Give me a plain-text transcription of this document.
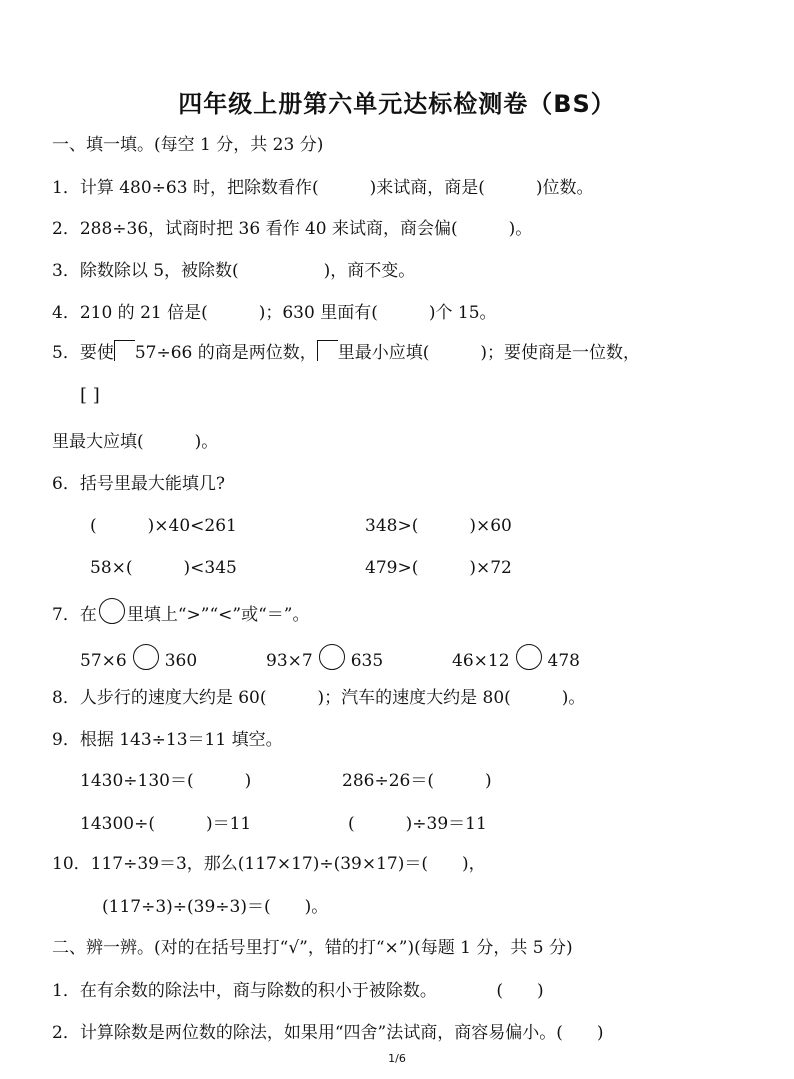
四年级上册第六单元达标检测卷（BS）
一、填一填。(每空 1 分，共 23 分)
1．计算 480÷63 时，把除数看作(　　　)来试商，商是(　　　)位数。
2．288÷36，试商时把 36 看作 40 来试商，商会偏(　　　)。
3．除数除以 5，被除数(　　　　　)，商不变。
4．210 的 21 倍是(　　　)；630 里面有(　　　)个 15。
5．要使 57÷66 的商是两位数， 里最小应填(　　　)；要使商是一位数，
[ ]
里最大应填(　　　)。
6．括号里最大能填几?
(　　　)×40<261	348>(　　　)×60
58×(　　　)<345	479>(　　　)×72
7．在 里填上“>”“<”或“＝”。
57×6 360	93×7 635	46×12 478
8．人步行的速度大约是 60(　　　)；汽车的速度大约是 80(　　　)。
9．根据 143÷13＝11 填空。
1430÷130＝(　　　)	286÷26＝(　　　)
14300÷(　　　)＝11	(　　　)÷39＝11
10．117÷39＝3，那么(117×17)÷(39×17)＝(　　)，
(117÷3)÷(39÷3)＝(　　)。
二、辨一辨。(对的在括号里打“√”，错的打“×”)(每题 1 分，共 5 分)
1．在有余数的除法中，商与除数的积小于被除数。　　　　(　　)
2．计算除数是两位数的除法，如果用“四舍”法试商，商容易偏小。(　　)
1/6
